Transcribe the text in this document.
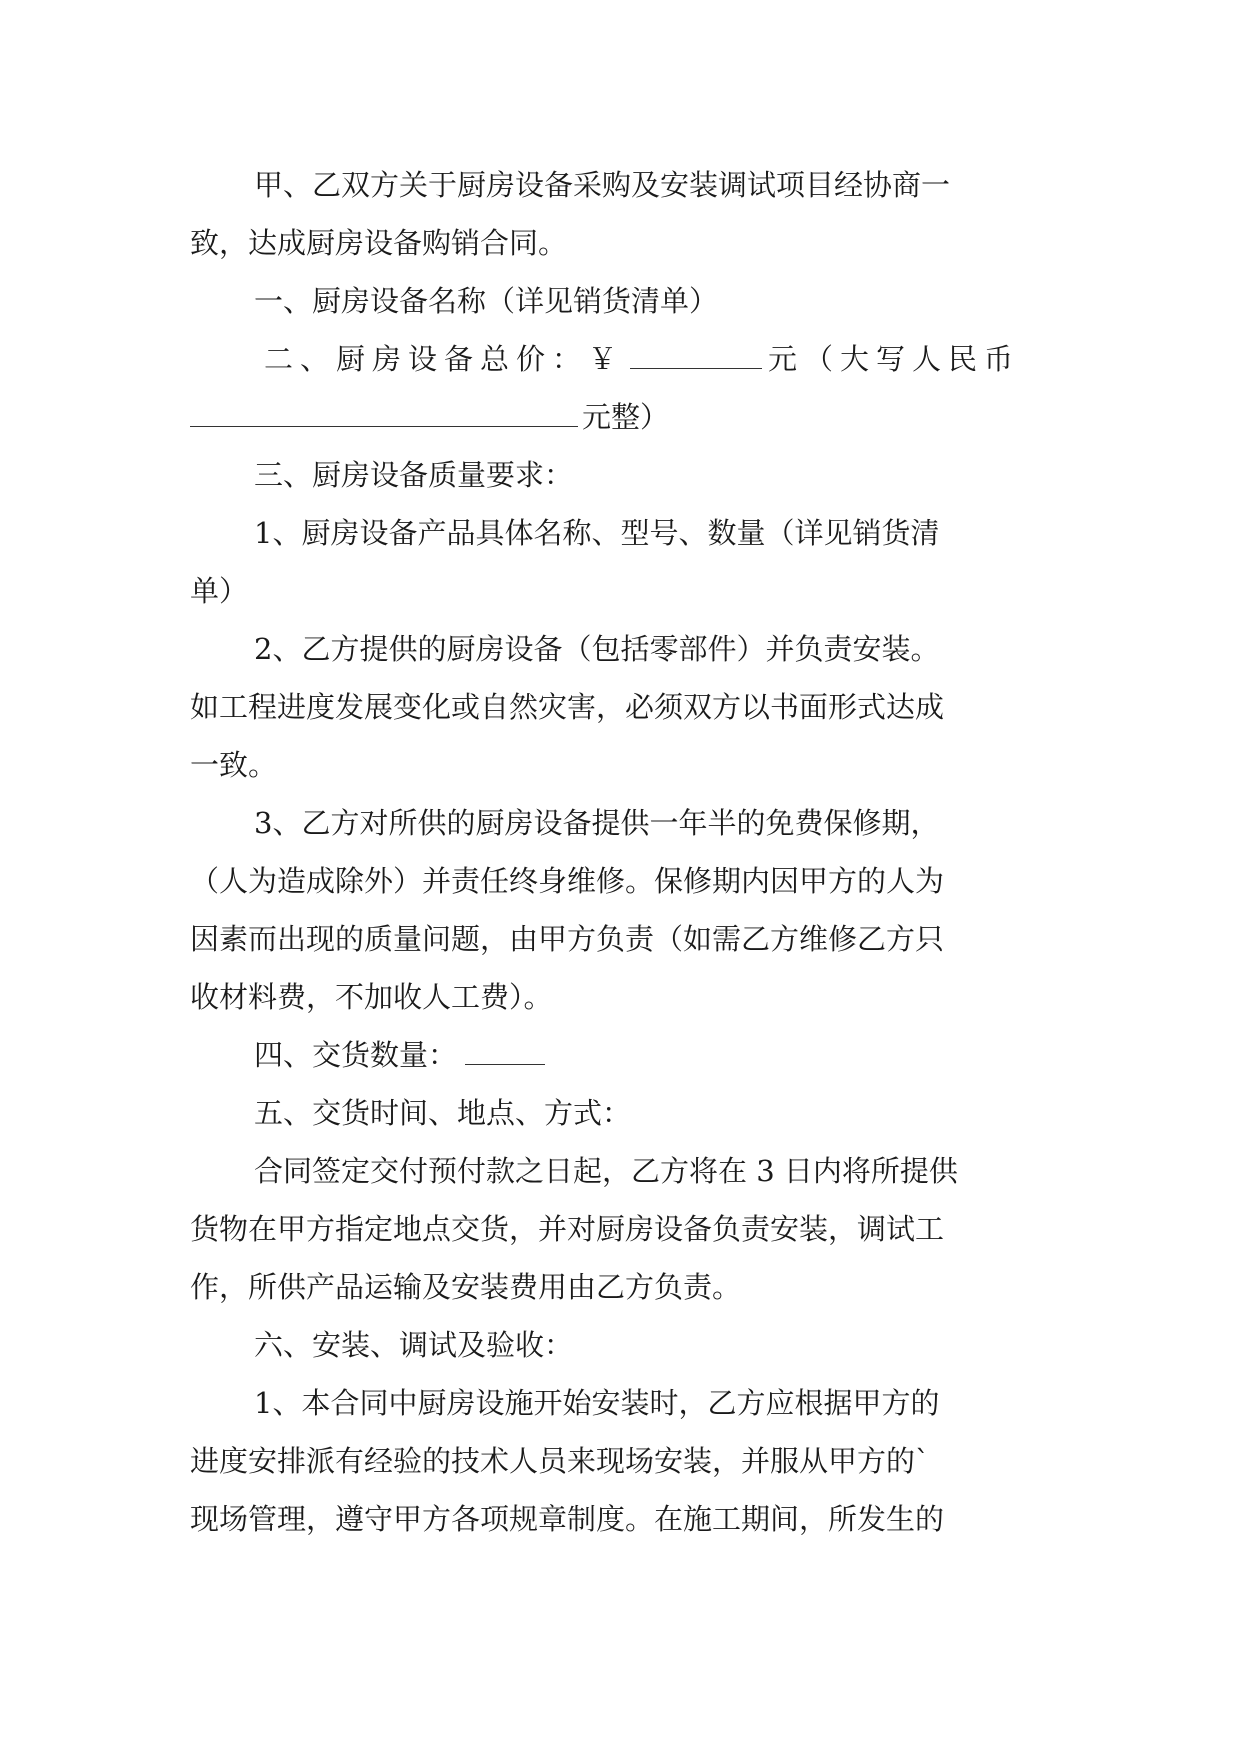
甲、乙双方关于厨房设备采购及安装调试项目经协商一
致，达成厨房设备购销合同。
一、厨房设备名称（详见销货清单）
二、厨房设备总价：￥	元（大写人民币
元整）
三、厨房设备质量要求：
1、厨房设备产品具体名称、型号、数量（详见销货清
单）
2、乙方提供的厨房设备（包括零部件）并负责安装。
如工程进度发展变化或自然灾害，必须双方以书面形式达成
一致。
3、乙方对所供的厨房设备提供一年半的免费保修期，
（人为造成除外）并责任终身维修。保修期内因甲方的人为
因素而出现的质量问题，由甲方负责（如需乙方维修乙方只
收材料费，不加收人工费）。
四、交货数量：
五、交货时间、地点、方式：
合同签定交付预付款之日起，乙方将在 3 日内将所提供
货物在甲方指定地点交货，并对厨房设备负责安装，调试工
作，所供产品运输及安装费用由乙方负责。
六、安装、调试及验收：
1、本合同中厨房设施开始安装时，乙方应根据甲方的
进度安排派有经验的技术人员来现场安装，并服从甲方的`
现场管理，遵守甲方各项规章制度。在施工期间，所发生的
